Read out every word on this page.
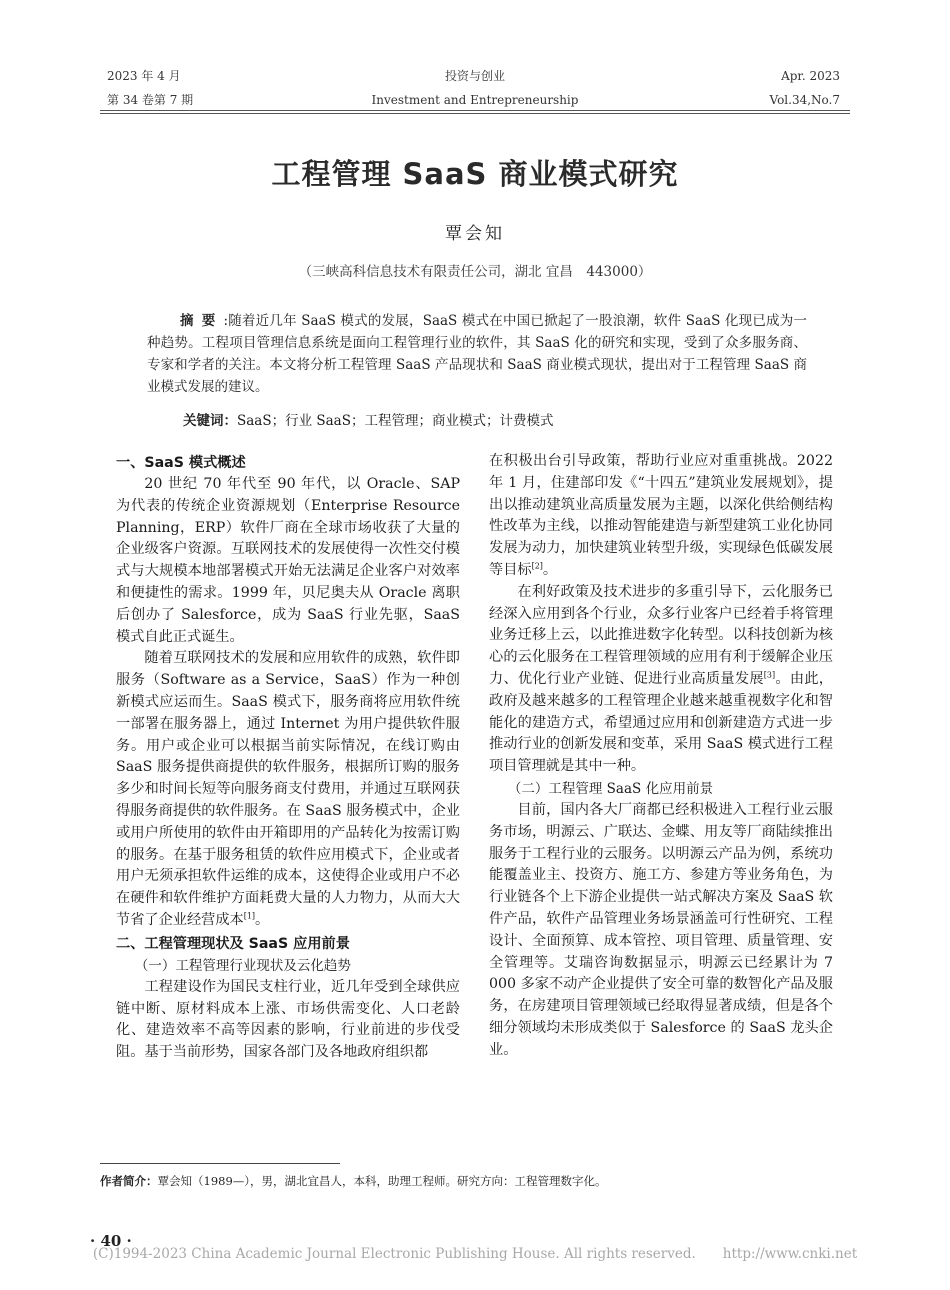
2023 年 4 月
第 34 卷第 7 期
投资与创业
Investment and Entrepreneurship
Apr. 2023
Vol.34,No.7
工程管理 SaaS 商业模式研究
覃会知
（三峡高科信息技术有限责任公司，湖北 宜昌　443000）
摘要:随着近几年 SaaS 模式的发展，SaaS 模式在中国已掀起了一股浪潮，软件 SaaS 化现已成为一种趋势。工程项目管理信息系统是面向工程管理行业的软件，其 SaaS 化的研究和实现，受到了众多服务商、专家和学者的关注。本文将分析工程管理 SaaS 产品现状和 SaaS 商业模式现状，提出对于工程管理 SaaS 商业模式发展的建议。
关键词：SaaS；行业 SaaS；工程管理；商业模式；计费模式
一、SaaS 模式概述

20 世纪 70 年代至 90 年代，以 Oracle、SAP 为代表的传统企业资源规划（Enterprise Resource Planning，ERP）软件厂商在全球市场收获了大量的企业级客户资源。互联网技术的发展使得一次性交付模式与大规模本地部署模式开始无法满足企业客户对效率和便捷性的需求。1999 年，贝尼奥夫从 Oracle 离职后创办了 Salesforce，成为 SaaS 行业先驱，SaaS 模式自此正式诞生。

随着互联网技术的发展和应用软件的成熟，软件即服务（Software as a Service，SaaS）作为一种创新模式应运而生。SaaS 模式下，服务商将应用软件统一部署在服务器上，通过 Internet 为用户提供软件服务。用户或企业可以根据当前实际情况，在线订购由 SaaS 服务提供商提供的软件服务，根据所订购的服务多少和时间长短等向服务商支付费用，并通过互联网获得服务商提供的软件服务。在 SaaS 服务模式中，企业或用户所使用的软件由开箱即用的产品转化为按需订购的服务。在基于服务租赁的软件应用模式下，企业或者用户无须承担软件运维的成本，这使得企业或用户不必在硬件和软件维护方面耗费大量的人力物力，从而大大节省了企业经营成本[1]。

二、工程管理现状及 SaaS 应用前景
（一）工程管理行业现状及云化趋势

工程建设作为国民支柱行业，近几年受到全球供应链中断、原材料成本上涨、市场供需变化、人口老龄化、建造效率不高等因素的影响，行业前进的步伐受阻。基于当前形势，国家各部门及各地政府组织都

在积极出台引导政策，帮助行业应对重重挑战。2022 年 1 月，住建部印发《“十四五”建筑业发展规划》，提出以推动建筑业高质量发展为主题，以深化供给侧结构性改革为主线，以推动智能建造与新型建筑工业化协同发展为动力，加快建筑业转型升级，实现绿色低碳发展等目标[2]。

在利好政策及技术进步的多重引导下，云化服务已经深入应用到各个行业，众多行业客户已经着手将管理业务迁移上云，以此推进数字化转型。以科技创新为核心的云化服务在工程管理领域的应用有利于缓解企业压力、优化行业产业链、促进行业高质量发展[3]。由此，政府及越来越多的工程管理企业越来越重视数字化和智能化的建造方式，希望通过应用和创新建造方式进一步推动行业的创新发展和变革，采用 SaaS 模式进行工程项目管理就是其中一种。

（二）工程管理 SaaS 化应用前景

目前，国内各大厂商都已经积极进入工程行业云服务市场，明源云、广联达、金蝶、用友等厂商陆续推出服务于工程行业的云服务。以明源云产品为例，系统功能覆盖业主、投资方、施工方、参建方等业务角色，为行业链各个上下游企业提供一站式解决方案及 SaaS 软件产品，软件产品管理业务场景涵盖可行性研究、工程设计、全面预算、成本管控、项目管理、质量管理、安全管理等。艾瑞咨询数据显示，明源云已经累计为 7 000 多家不动产企业提供了安全可靠的数智化产品及服务，在房建项目管理领域已经取得显著成绩，但是各个细分领域均未形成类似于 Salesforce 的 SaaS 龙头企业。

作者简介：覃会知（1989—），男，湖北宜昌人，本科，助理工程师。研究方向：工程管理数字化。
· 40 ·
(C)1994-2023 China Academic Journal Electronic Publishing House. All rights reserved.　　http://www.cnki.net
